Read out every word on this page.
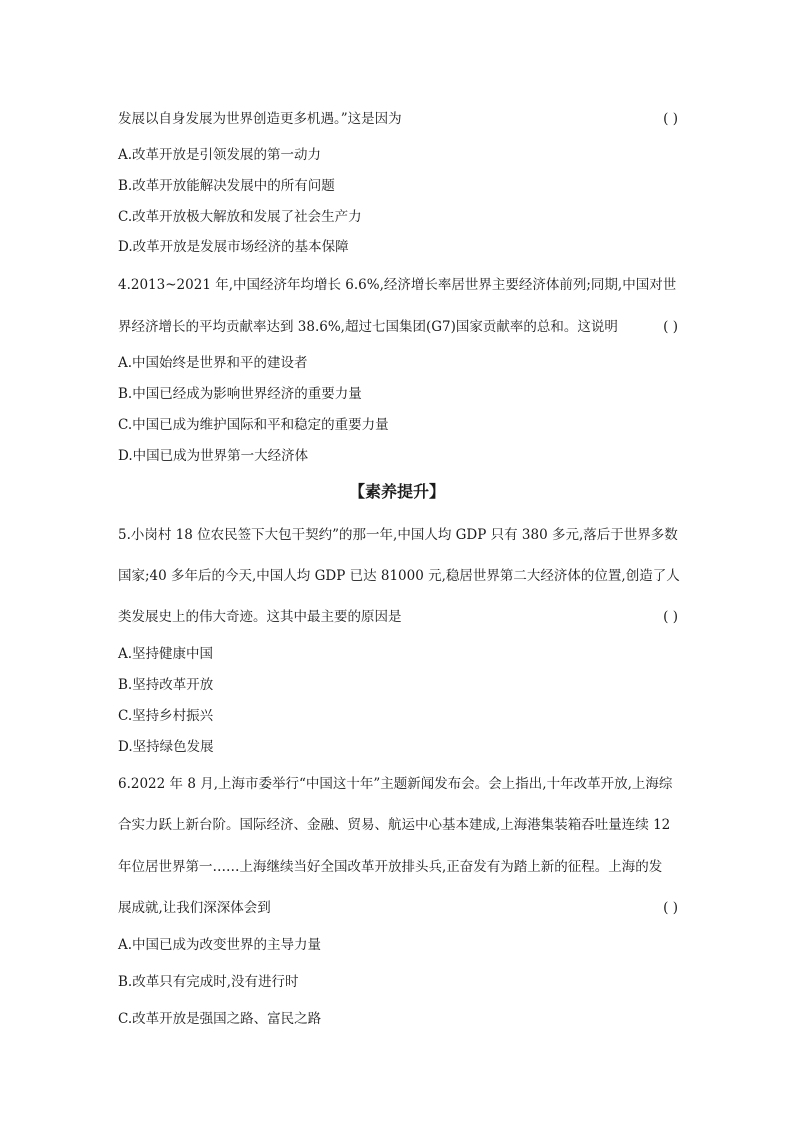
发展以自身发展为世界创造更多机遇。”这是因为	( )
A.改革开放是引领发展的第一动力
B.改革开放能解决发展中的所有问题
C.改革开放极大解放和发展了社会生产力
D.改革开放是发展市场经济的基本保障
4.2013~2021 年,中国经济年均增长 6.6%,经济增长率居世界主要经济体前列;同期,中国对世
界经济增长的平均贡献率达到 38.6%,超过七国集团(G7)国家贡献率的总和。这说明	( )
A.中国始终是世界和平的建设者
B.中国已经成为影响世界经济的重要力量
C.中国已成为维护国际和平和稳定的重要力量
D.中国已成为世界第一大经济体
【素养提升】
5.小岗村 18 位农民签下大包干契约”的那一年,中国人均 GDP 只有 380 多元,落后于世界多数
国家;40 多年后的今天,中国人均 GDP 已达 81000 元,稳居世界第二大经济体的位置,创造了人
类发展史上的伟大奇迹。这其中最主要的原因是	( )
A.坚持健康中国
B.坚持改革开放
C.坚持乡村振兴
D.坚持绿色发展
6.2022 年 8 月,上海市委举行“中国这十年”主题新闻发布会。会上指出,十年改革开放,上海综
合实力跃上新台阶。国际经济、金融、贸易、航运中心基本建成,上海港集装箱吞吐量连续 12
年位居世界第一……上海继续当好全国改革开放排头兵,正奋发有为踏上新的征程。上海的发
展成就,让我们深深体会到	( )
A.中国已成为改变世界的主导力量
B.改革只有完成时,没有进行时
C.改革开放是强国之路、富民之路
